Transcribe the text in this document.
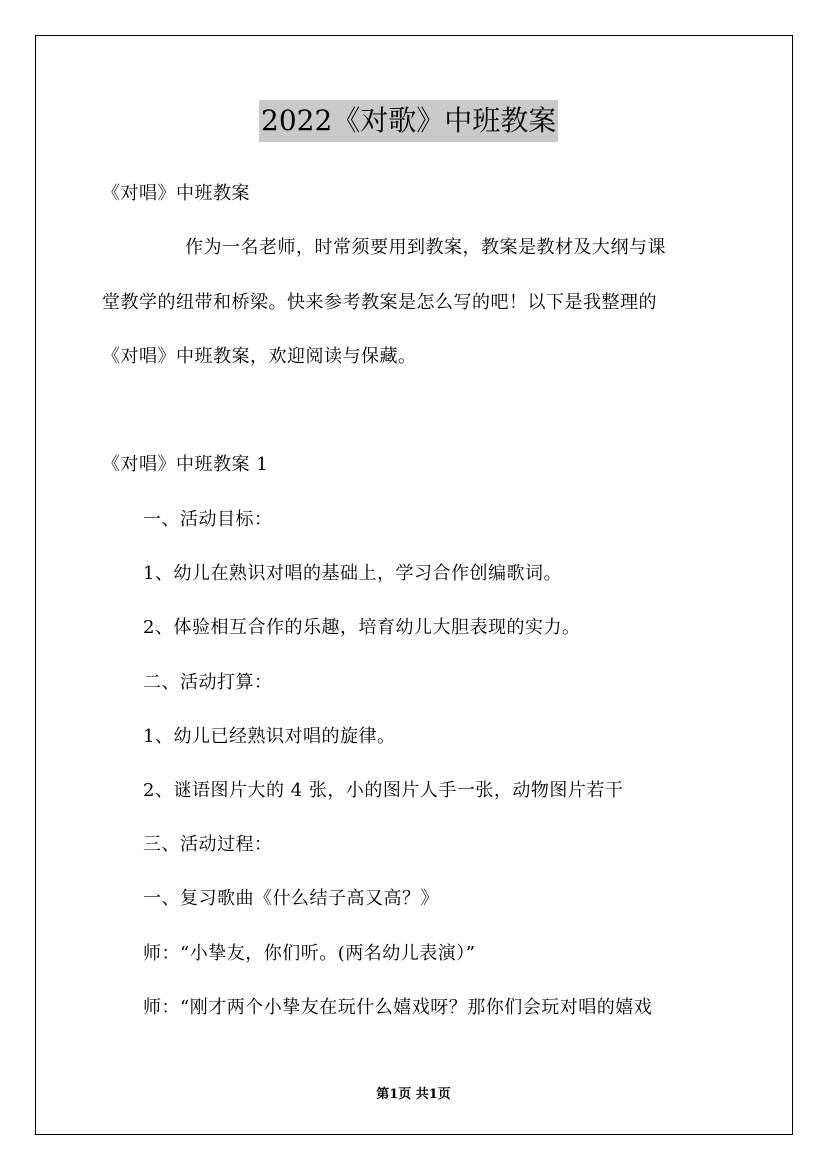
2022《对歌》中班教案
《对唱》中班教案
作为一名老师，时常须要用到教案，教案是教材及大纲与课
堂教学的纽带和桥梁。快来参考教案是怎么写的吧！以下是我整理的
《对唱》中班教案，欢迎阅读与保藏。
《对唱》中班教案 1
一、活动目标：
1、幼儿在熟识对唱的基础上，学习合作创编歌词。
2、体验相互合作的乐趣，培育幼儿大胆表现的实力。
二、活动打算：
1、幼儿已经熟识对唱的旋律。
2、谜语图片大的 4 张，小的图片人手一张，动物图片若干
三、活动过程：
一、复习歌曲《什么结子高又高？》
师：“小挚友，你们听。(两名幼儿表演）”
师：“刚才两个小挚友在玩什么嬉戏呀？那你们会玩对唱的嬉戏
第1页 共1页
